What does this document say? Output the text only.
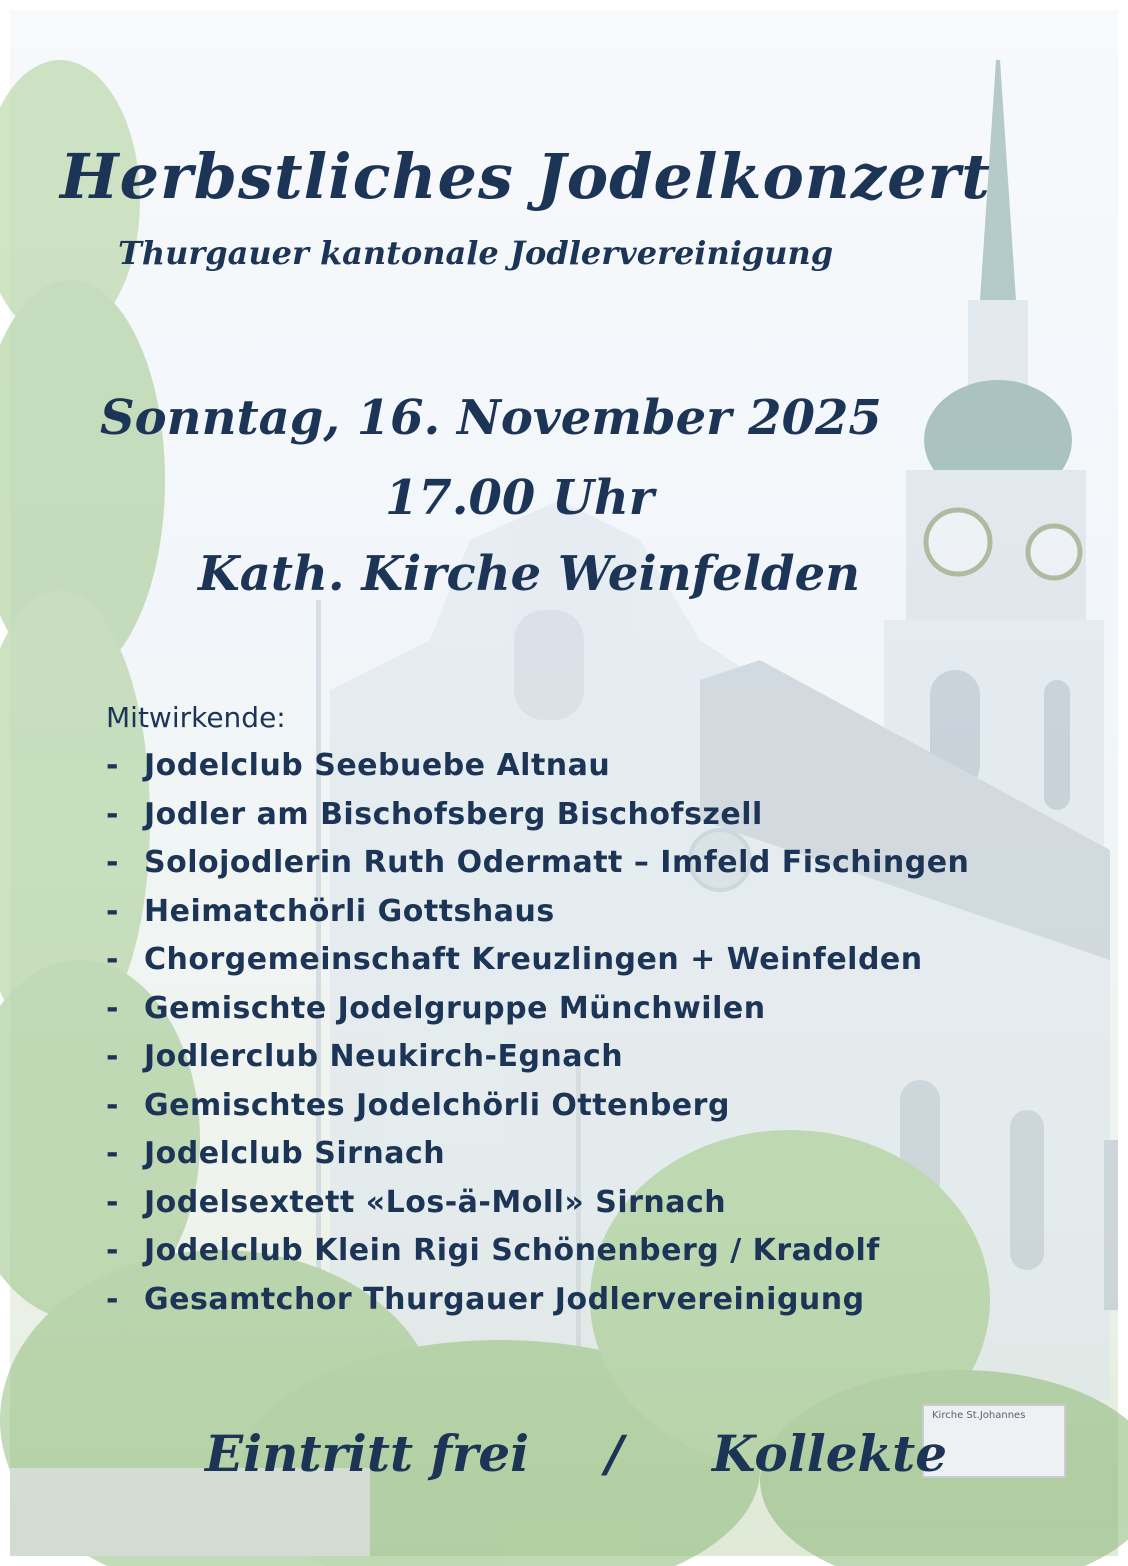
Kirche St.Johannes
Herbstliches Jodelkonzert
Thurgauer kantonale Jodlervereinigung
Sonntag, 16. November 2025
17.00 Uhr
Kath. Kirche Weinfelden

Mitwirkende:

- Jodelclub Seebuebe Altnau
- Jodler am Bischofsberg Bischofszell
- Solojodlerin Ruth Odermatt – Imfeld Fischingen
- Heimatchörli Gottshaus
- Chorgemeinschaft Kreuzlingen + Weinfelden
- Gemischte Jodelgruppe Münchwilen
- Jodlerclub Neukirch-Egnach
- Gemischtes Jodelchörli Ottenberg
- Jodelclub Sirnach
- Jodelsextett «Los-ä-Moll» Sirnach
- Jodelclub Klein Rigi Schönenberg / Kradolf
- Gesamtchor Thurgauer Jodlervereinigung
Eintritt frei / Kollekte
